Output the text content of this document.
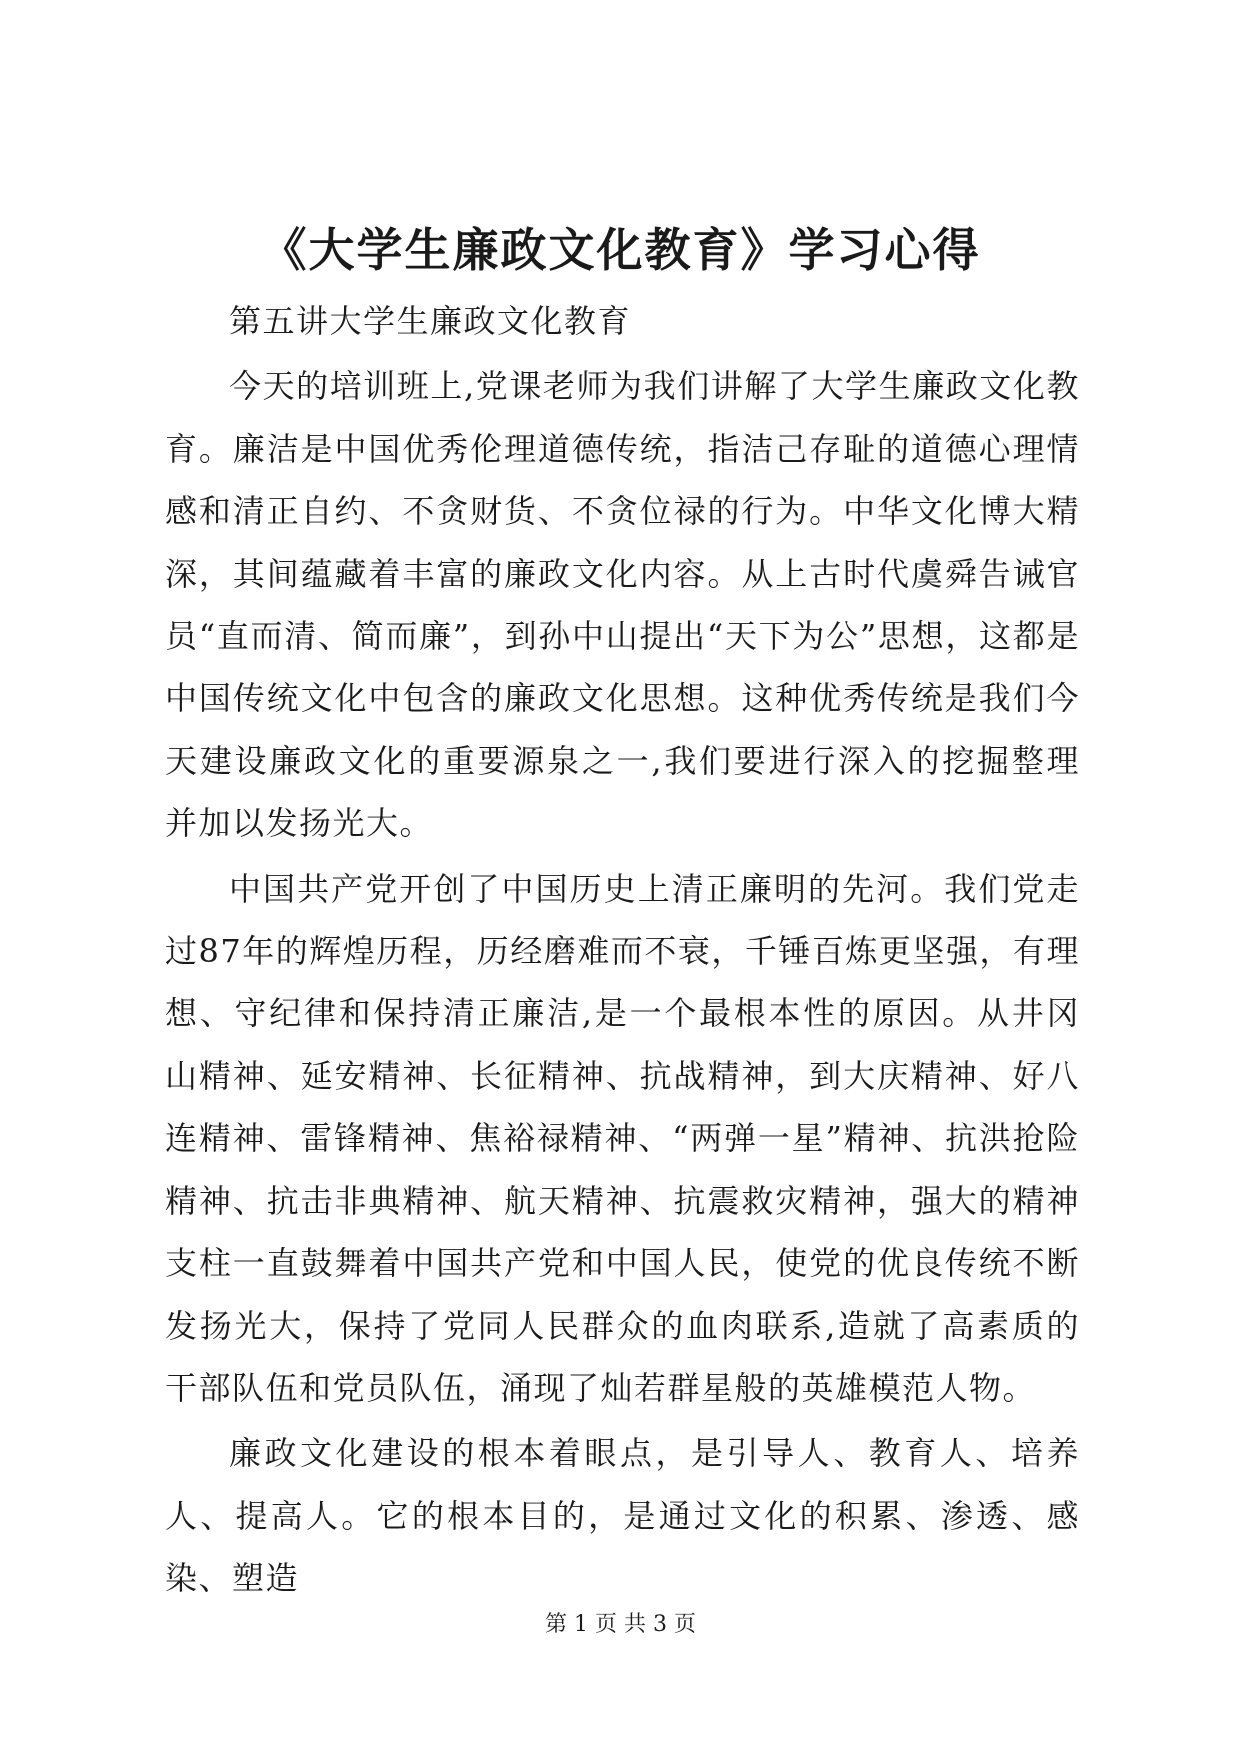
《大学生廉政文化教育》学习心得

第五讲大学生廉政文化教育

今天的培训班上,党课老师为我们讲解了大学生廉政文化教育。廉洁是中国优秀伦理道德传统，指洁己存耻的道德心理情感和清正自约、不贪财货、不贪位禄的行为。中华文化博大精深，其间蕴藏着丰富的廉政文化内容。从上古时代虞舜告诫官员“直而清、简而廉”，到孙中山提出“天下为公”思想，这都是中国传统文化中包含的廉政文化思想。这种优秀传统是我们今天建设廉政文化的重要源泉之一,我们要进行深入的挖掘整理并加以发扬光大。

中国共产党开创了中国历史上清正廉明的先河。我们党走过87年的辉煌历程，历经磨难而不衰，千锤百炼更坚强，有理想、守纪律和保持清正廉洁,是一个最根本性的原因。从井冈山精神、延安精神、长征精神、抗战精神，到大庆精神、好八连精神、雷锋精神、焦裕禄精神、“两弹一星”精神、抗洪抢险精神、抗击非典精神、航天精神、抗震救灾精神，强大的精神支柱一直鼓舞着中国共产党和中国人民，使党的优良传统不断发扬光大，保持了党同人民群众的血肉联系,造就了高素质的干部队伍和党员队伍，涌现了灿若群星般的英雄模范人物。

廉政文化建设的根本着眼点，是引导人、教育人、培养人、提高人。它的根本目的，是通过文化的积累、渗透、感染、塑造

第 1 页 共 3 页
